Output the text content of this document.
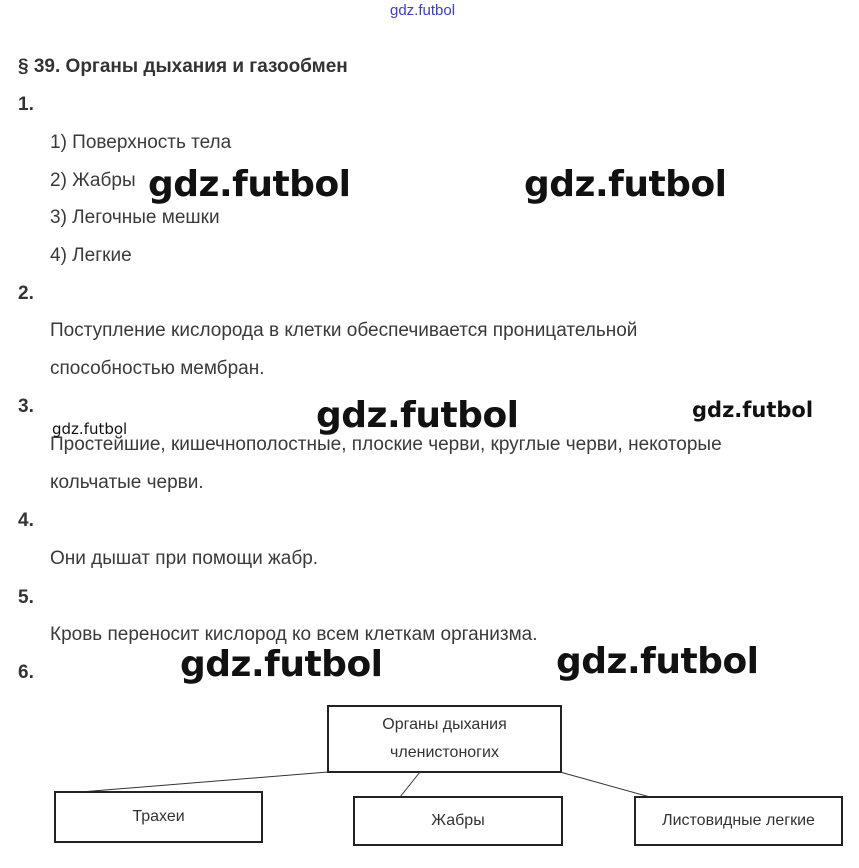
gdz.futbol
§ 39. Органы дыхания и газообмен
1.
1) Поверхность тела
2) Жабры
3) Легочные мешки
4) Легкие
2.
Поступление кислорода в клетки обеспечивается проницательной
способностью мембран.
3.
Простейшие, кишечнополостные, плоские черви, круглые черви, некоторые
кольчатые черви.
4.
Они дышат при помощи жабр.
5.
Кровь переносит кислород ко всем клеткам организма.
6.
Органы дыхания
членистоногих
Трахеи	Жабры	Листовидные легкие
gdz.futbol	gdz.futbol
gdz.futbol	gdz.futbol
gdz.futbol
gdz.futbol	gdz.futbol
